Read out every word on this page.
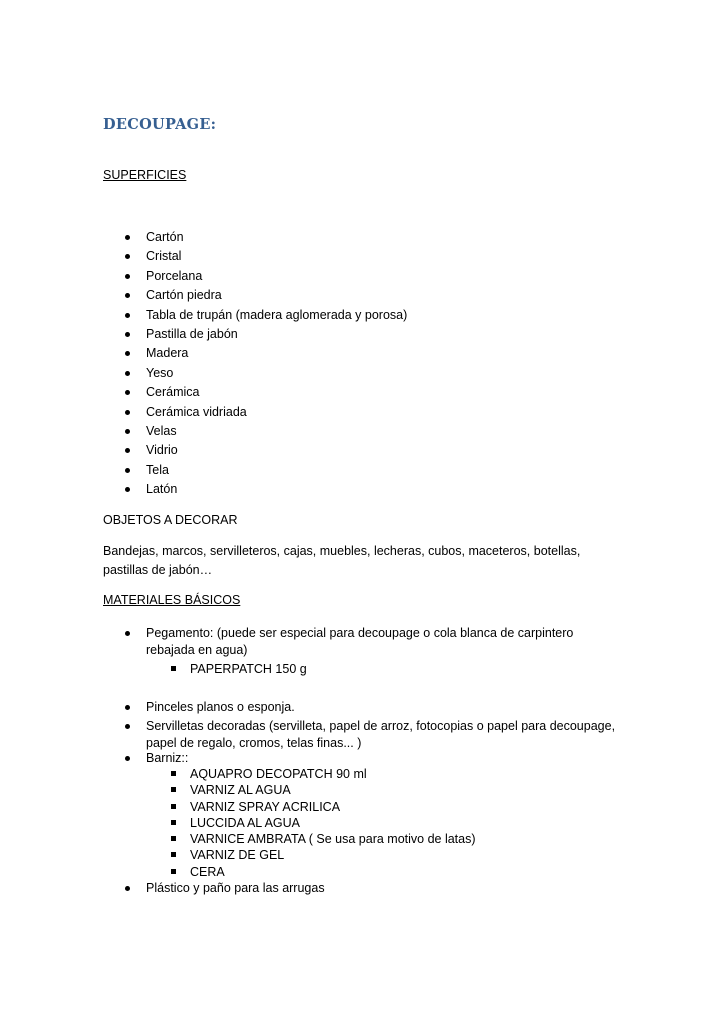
DECOUPAGE:

SUPERFICIES

Cartón
Cristal
Porcelana
Cartón piedra
Tabla de trupán (madera aglomerada y porosa)
Pastilla de jabón
Madera
Yeso
Cerámica
Cerámica vidriada
Velas
Vidrio
Tela
Latón

OBJETOS A DECORAR

Bandejas, marcos, servilleteros, cajas, muebles, lecheras, cubos, maceteros, botellas, pastillas de jabón…

MATERIALES BÁSICOS

Pegamento: (puede ser especial para decoupage o cola blanca de carpintero rebajada en agua)
PAPERPATCH 150 g
Pinceles planos o esponja.
Servilletas decoradas (servilleta, papel de arroz, fotocopias o papel para decoupage, papel de regalo, cromos, telas finas... )
Barniz::
AQUAPRO DECOPATCH 90 ml
VARNIZ AL AGUA
VARNIZ SPRAY ACRILICA
LUCCIDA AL AGUA
VARNICE AMBRATA ( Se usa para motivo de latas)
VARNIZ DE GEL
CERA
Plástico y paño para las arrugas
